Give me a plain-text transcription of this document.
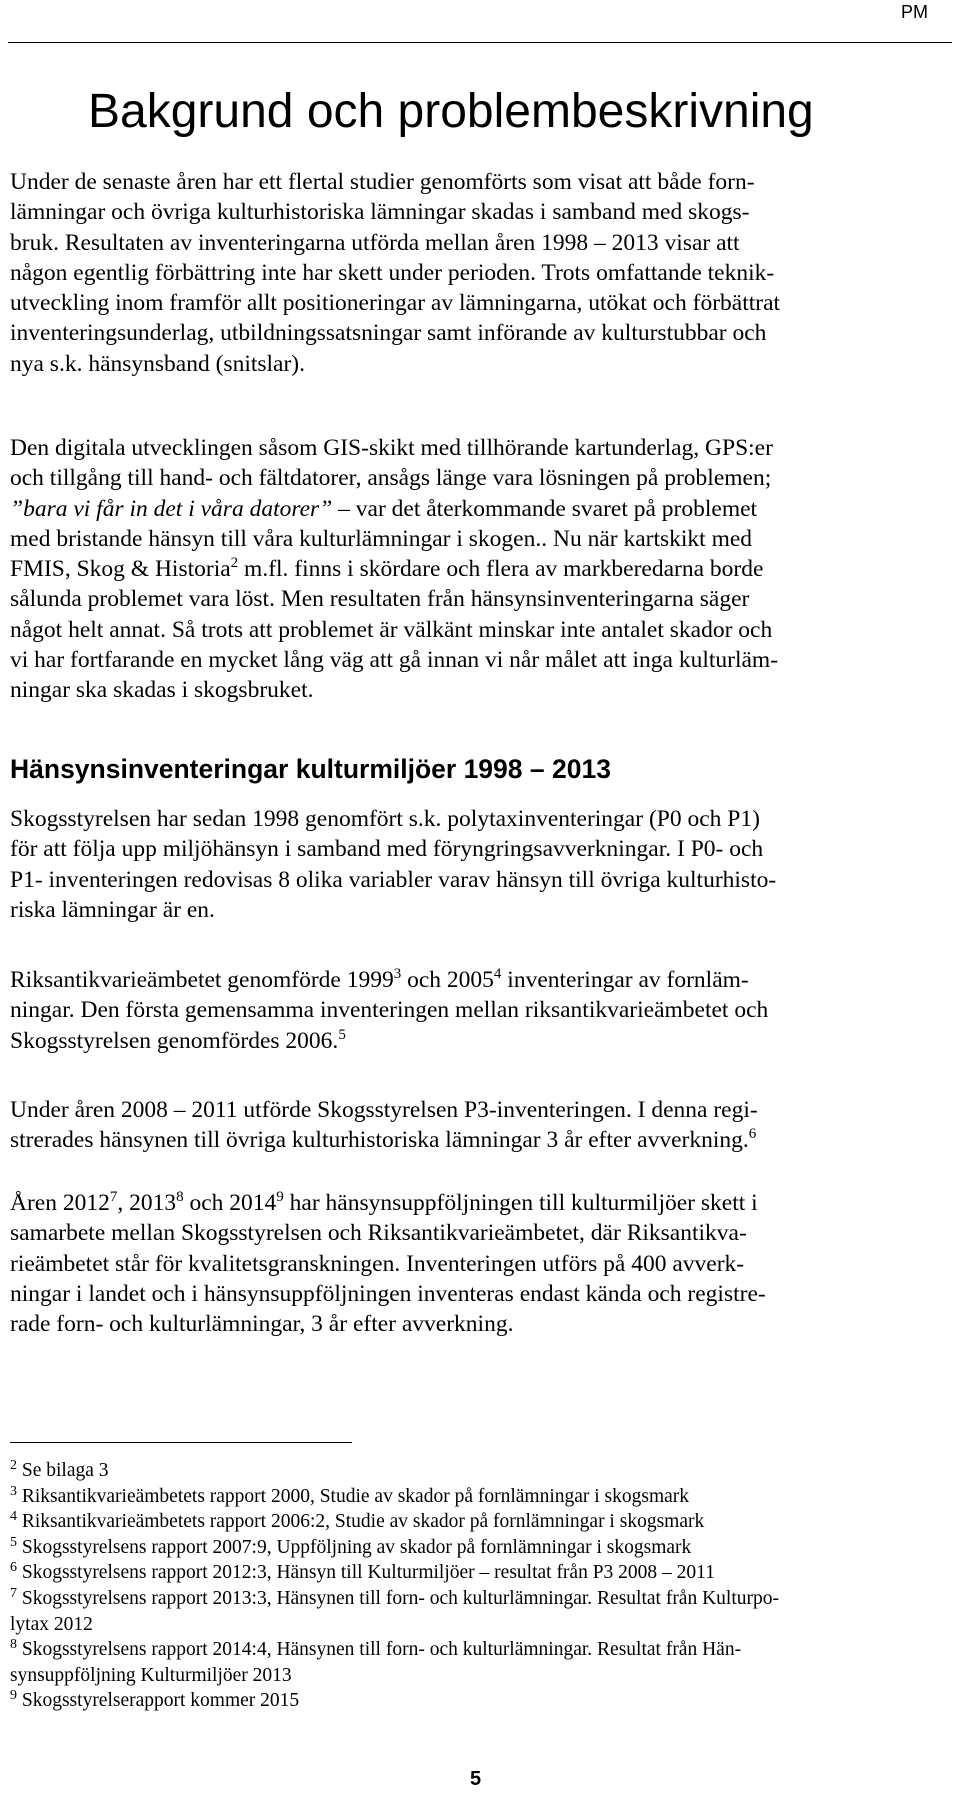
PM
Bakgrund och problembeskrivning

Under de senaste åren har ett flertal studier genomförts som visat att både forn-
lämningar och övriga kulturhistoriska lämningar skadas i samband med skogs-
bruk. Resultaten av inventeringarna utförda mellan åren 1998 – 2013 visar att
någon egentlig förbättring inte har skett under perioden. Trots omfattande teknik-
utveckling inom framför allt positioneringar av lämningarna, utökat och förbättrat
inventeringsunderlag, utbildningssatsningar samt införande av kulturstubbar och
nya s.k. hänsynsband (snitslar).

Den digitala utvecklingen såsom GIS-skikt med tillhörande kartunderlag, GPS:er
och tillgång till hand- och fältdatorer, ansågs länge vara lösningen på problemen;
”bara vi får in det i våra datorer” – var det återkommande svaret på problemet
med bristande hänsyn till våra kulturlämningar i skogen.. Nu när kartskikt med
FMIS, Skog & Historia$^2$ m.fl. finns i skördare och flera av markberedarna borde
sålunda problemet vara löst. Men resultaten från hänsynsinventeringarna säger
något helt annat. Så trots att problemet är välkänt minskar inte antalet skador och
vi har fortfarande en mycket lång väg att gå innan vi når målet att inga kulturläm-
ningar ska skadas i skogsbruket.

Hänsynsinventeringar kulturmiljöer 1998 – 2013

Skogsstyrelsen har sedan 1998 genomfört s.k. polytaxinventeringar (P0 och P1)
för att följa upp miljöhänsyn i samband med föryngringsavverkningar. I P0- och
P1- inventeringen redovisas 8 olika variabler varav hänsyn till övriga kulturhisto-
riska lämningar är en.

Riksantikvarieämbetet genomförde 1999$^3$ och 2005$^4$ inventeringar av fornläm-
ningar. Den första gemensamma inventeringen mellan riksantikvarieämbetet och
Skogsstyrelsen genomfördes 2006.$^5$

Under åren 2008 – 2011 utförde Skogsstyrelsen P3-inventeringen. I denna regi-
strerades hänsynen till övriga kulturhistoriska lämningar 3 år efter avverkning.$^6$

Åren 2012$^7$, 2013$^8$ och 2014$^9$ har hänsynsuppföljningen till kulturmiljöer skett i
samarbete mellan Skogsstyrelsen och Riksantikvarieämbetet, där Riksantikva-
rieämbetet står för kvalitetsgranskningen. Inventeringen utförs på 400 avverk-
ningar i landet och i hänsynsuppföljningen inventeras endast kända och registre-
rade forn- och kulturlämningar, 3 år efter avverkning.

$^2$ Se bilaga 3
$^3$ Riksantikvarieämbetets rapport 2000, Studie av skador på fornlämningar i skogsmark
$^4$ Riksantikvarieämbetets rapport 2006:2, Studie av skador på fornlämningar i skogsmark
$^5$ Skogsstyrelsens rapport 2007:9, Uppföljning av skador på fornlämningar i skogsmark
$^6$ Skogsstyrelsens rapport 2012:3, Hänsyn till Kulturmiljöer – resultat från P3 2008 – 2011
$^7$ Skogsstyrelsens rapport 2013:3, Hänsynen till forn- och kulturlämningar. Resultat från Kulturpo-
lytax 2012
$^8$ Skogsstyrelsens rapport 2014:4, Hänsynen till forn- och kulturlämningar. Resultat från Hän-
synsuppföljning Kulturmiljöer 2013
$^9$ Skogsstyrelserapport kommer 2015
5
